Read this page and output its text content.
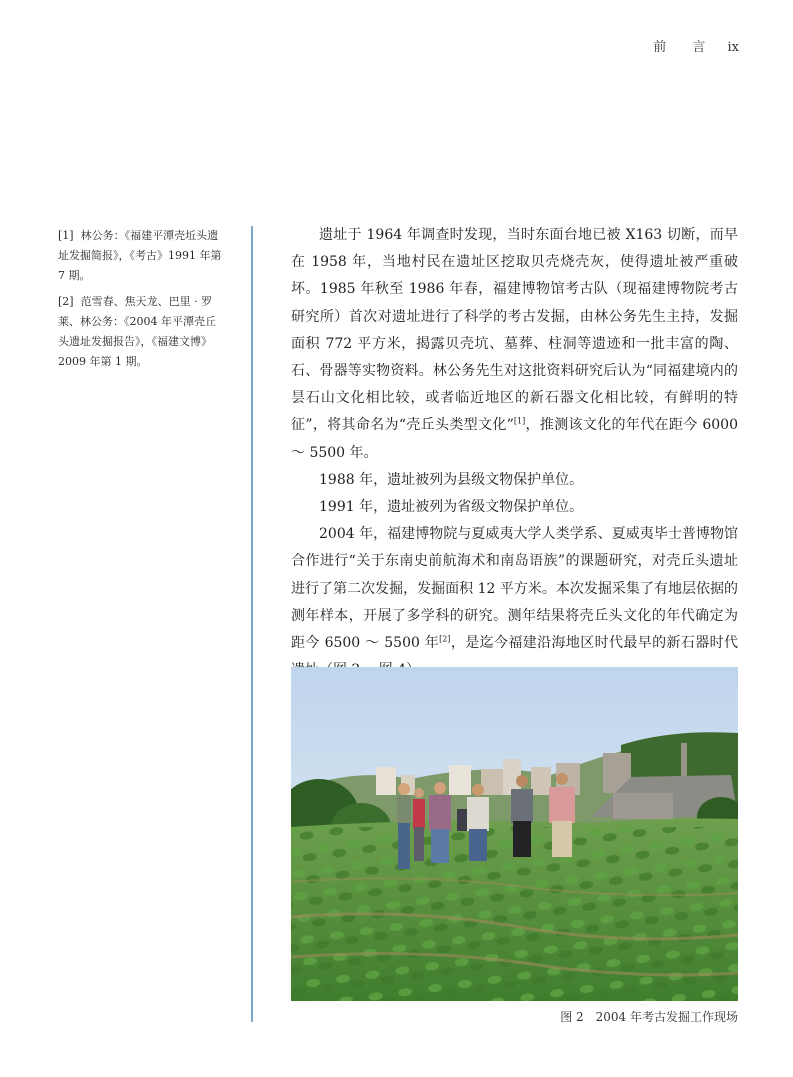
前 言 ix
[1] 林公务：《福建平潭壳坵头遗址发掘简报》，《考古》1991 年第 7 期。
[2] 范雪春、焦天龙、巴里 · 罗莱、林公务：《2004 年平潭壳丘头遗址发掘报告》，《福建文博》2009 年第 1 期。

遗址于 1964 年调查时发现，当时东面台地已被 X163 切断，而早在 1958 年，当地村民在遗址区挖取贝壳烧壳灰，使得遗址被严重破坏。1985 年秋至 1986 年春，福建博物馆考古队（现福建博物院考古研究所）首次对遗址进行了科学的考古发掘，由林公务先生主持，发掘面积 772 平方米，揭露贝壳坑、墓葬、柱洞等遗迹和一批丰富的陶、石、骨器等实物资料。林公务先生对这批资料研究后认为“同福建境内的昙石山文化相比较，或者临近地区的新石器文化相比较，有鲜明的特征”，将其命名为“壳丘头类型文化”[1]，推测该文化的年代在距今 6000 ～ 5500 年。

1988 年，遗址被列为县级文物保护单位。

1991 年，遗址被列为省级文物保护单位。

2004 年，福建博物院与夏威夷大学人类学系、夏威夷毕士普博物馆合作进行“关于东南史前航海术和南岛语族”的课题研究，对壳丘头遗址进行了第二次发掘，发掘面积 12 平方米。本次发掘采集了有地层依据的测年样本，开展了多学科的研究。测年结果将壳丘头文化的年代确定为距今 6500 ～ 5500 年[2]，是迄今福建沿海地区时代最早的新石器时代

图 2　2004 年考古发掘工作现场
